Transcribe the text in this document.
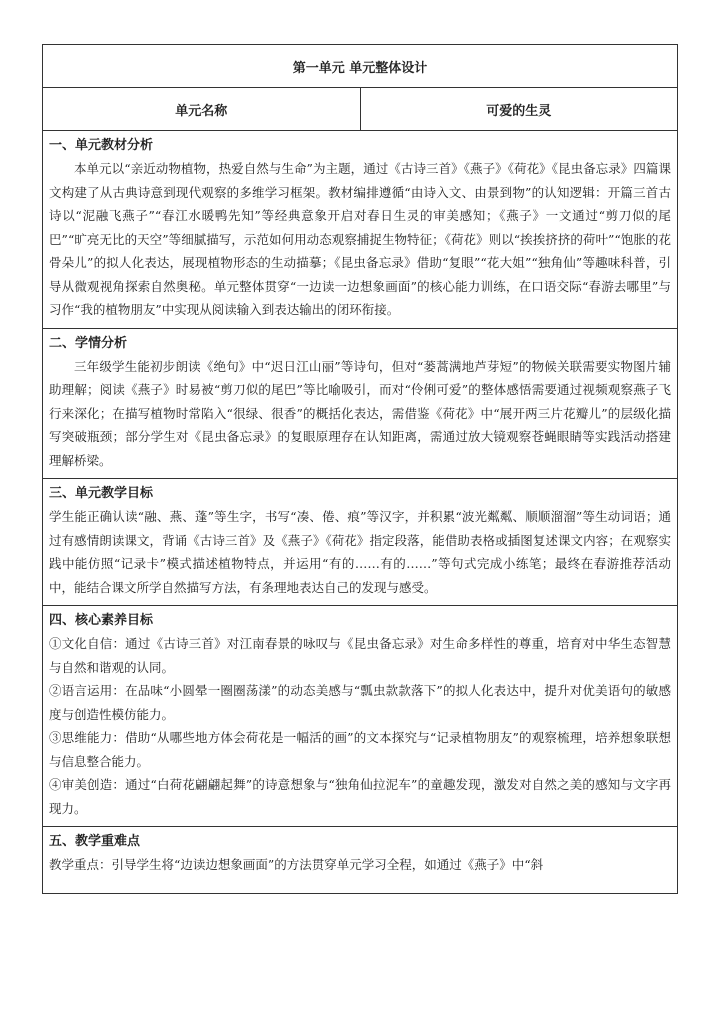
第一单元 单元整体设计
单元名称	可爱的生灵

一、单元教材分析

本单元以“亲近动物植物，热爱自然与生命”为主题，通过《古诗三首》《燕子》《荷花》《昆虫备忘录》四篇课文构建了从古典诗意到现代观察的多维学习框架。教材编排遵循“由诗入文、由景到物”的认知逻辑：开篇三首古诗以“泥融飞燕子”“春江水暖鸭先知”等经典意象开启对春日生灵的审美感知；《燕子》一文通过“剪刀似的尾巴”“旷亮无比的天空”等细腻描写，示范如何用动态观察捕捉生物特征；《荷花》则以“挨挨挤挤的荷叶”“饱胀的花骨朵儿”的拟人化表达，展现植物形态的生动描摹；《昆虫备忘录》借助“复眼”“花大姐”“独角仙”等趣味科普，引导从微观视角探索自然奥秘。单元整体贯穿“一边读一边想象画面”的核心能力训练，在口语交际“春游去哪里”与习作“我的植物朋友”中实现从阅读输入到表达输出的闭环衔接。

二、学情分析

三年级学生能初步朗读《绝句》中“迟日江山丽”等诗句，但对“蒌蒿满地芦芽短”的物候关联需要实物图片辅助理解；阅读《燕子》时易被“剪刀似的尾巴”等比喻吸引，而对“伶俐可爱”的整体感悟需要通过视频观察燕子飞行来深化；在描写植物时常陷入“很绿、很香”的概括化表达，需借鉴《荷花》中“展开两三片花瓣儿”的层级化描写突破瓶颈；部分学生对《昆虫备忘录》的复眼原理存在认知距离，需通过放大镜观察苍蝇眼睛等实践活动搭建理解桥梁。

三、单元教学目标

学生能正确认读“融、燕、蓬”等生字，书写“凑、倦、痕”等汉字，并积累“波光粼粼、顺顺溜溜”等生动词语；通过有感情朗读课文，背诵《古诗三首》及《燕子》《荷花》指定段落，能借助表格或插图复述课文内容；在观察实践中能仿照“记录卡”模式描述植物特点，并运用“有的……有的……”等句式完成小练笔；最终在春游推荐活动中，能结合课文所学自然描写方法，有条理地表达自己的发现与感受。

四、核心素养目标

①文化自信：通过《古诗三首》对江南春景的咏叹与《昆虫备忘录》对生命多样性的尊重，培育对中华生态智慧与自然和谐观的认同。

②语言运用：在品味“小圆晕一圈圈荡漾”的动态美感与“瓢虫款款落下”的拟人化表达中，提升对优美语句的敏感度与创造性模仿能力。

③思维能力：借助“从哪些地方体会荷花是一幅活的画”的文本探究与“记录植物朋友”的观察梳理，培养想象联想与信息整合能力。

④审美创造：通过“白荷花翩翩起舞”的诗意想象与“独角仙拉泥车”的童趣发现，激发对自然之美的感知与文字再现力。

五、教学重难点

教学重点：引导学生将“边读边想象画面”的方法贯穿单元学习全程，如通过《燕子》中“斜
